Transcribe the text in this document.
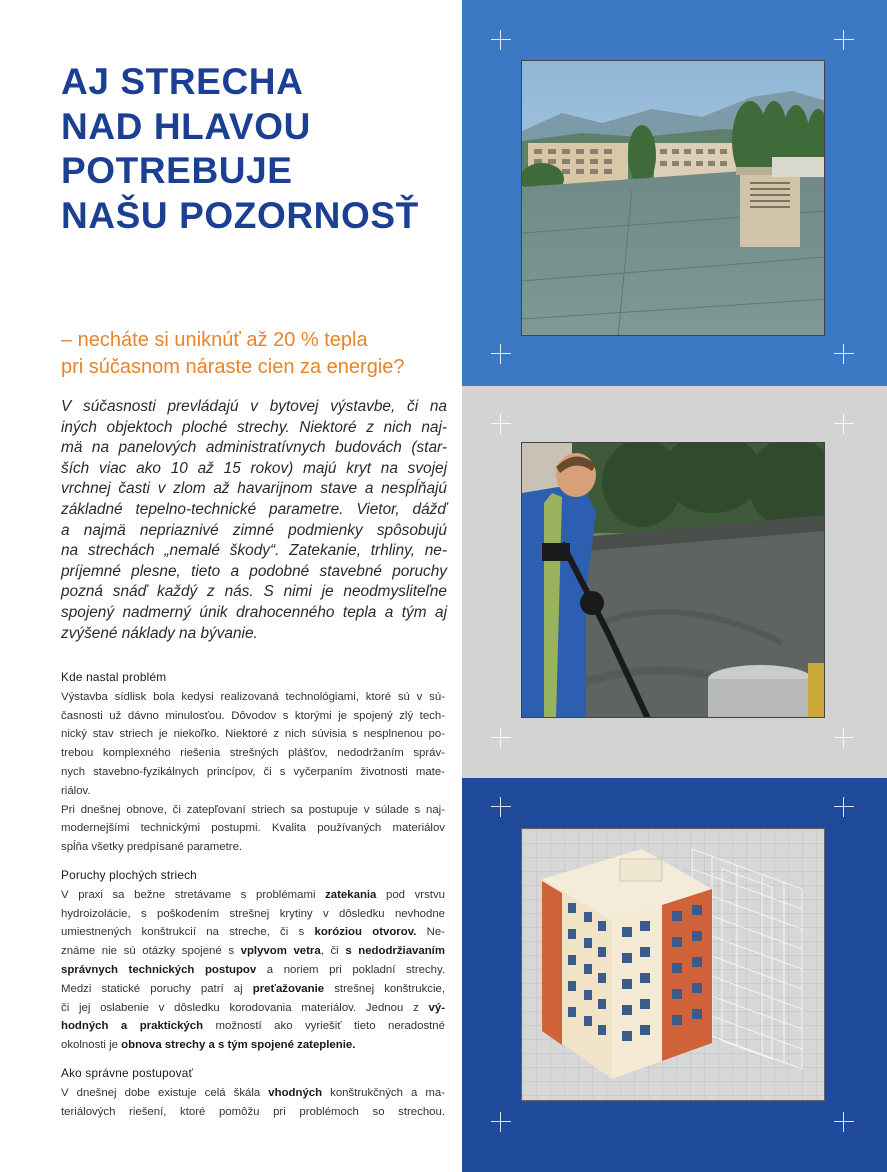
AJ STRECHA
NAD HLAVOU
POTREBUJE
NAŠU POZORNOSŤ
– necháte si uniknúť až 20 % tepla
pri súčasnom náraste cien za energie?
V súčasnosti prevládajú v bytovej výstavbe, či na
iných objektoch ploché strechy. Niektoré z nich naj-
mä na panelových administratívnych budovách (star-
ších viac ako 10 až 15 rokov) majú kryt na svojej
vrchnej časti v zlom až havarijnom stave a nespĺňajú
základné tepelno-technické parametre. Vietor, dážď
a najmä nepriaznivé zimné podmienky spôsobujú
na strechách „nemalé škody“. Zatekanie, trhliny, ne-
príjemné plesne, tieto a podobné stavebné poruchy
pozná snáď každý z nás. S nimi je neodmysliteľne
spojený nadmerný únik drahocenného tepla a tým aj
zvýšené náklady na bývanie.
Kde nastal problém
Výstavba sídlisk bola kedysi realizovaná technológiami, ktoré sú v sú-
časnosti už dávno minulosťou. Dôvodov s ktorými je spojený zlý tech-
nický stav striech je niekoľko. Niektoré z nich súvisia s nesplnenou po-
trebou komplexného riešenia strešných plášťov, nedodržaním správ-
nych stavebno-fyzikálnych princípov, či s vyčerpaním životnosti mate-
riálov.
Pri dnešnej obnove, či zatepľovaní striech sa postupuje v súlade s naj-
modernejšími technickými postupmi. Kvalita používaných materiálov
spĺňa všetky predpísané parametre.
Poruchy plochých striech
V praxi sa bežne stretávame s problémami zatekania pod vrstvu
hydroizolácie, s poškodením strešnej krytiny v dôsledku nevhodne
umiestnených konštrukcií na streche, či s koróziou otvorov. Ne-
známe nie sú otázky spojené s vplyvom vetra, či s nedodržiavaním
správnych technických postupov a noriem pri pokladní strechy.
Medzi statické poruchy patrí aj preťažovanie strešnej konštrukcie,
či jej oslabenie v dôsledku korodovania materiálov. Jednou z vý-
hodných a praktických možností ako vyriešiť tieto neradostné
okolnosti je obnova strechy a s tým spojené zateplenie.
Ako správne postupovať
V dnešnej dobe existuje celá škála vhodných konštrukčných a ma-
teriálových riešení, ktoré pomôžu pri problémoch so strechou.
